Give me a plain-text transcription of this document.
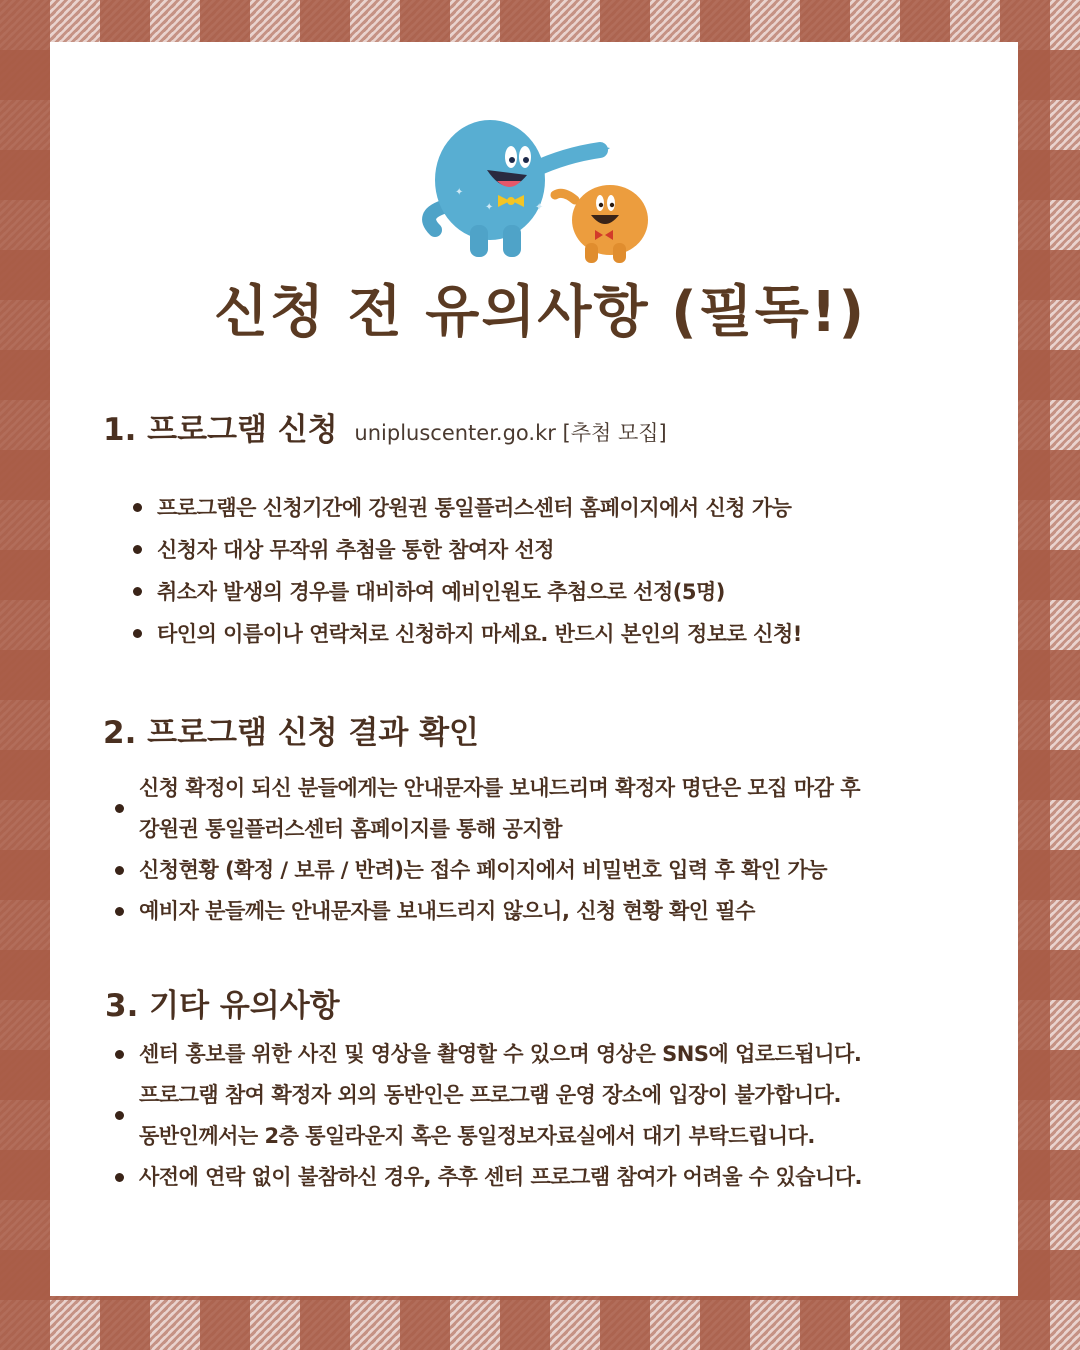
✦
✦	✦
신청 전 유의사항 (필독!)
1. 프로그램 신청 unipluscenter.go.kr [추첨 모집]
프로그램은 신청기간에 강원권 통일플러스센터 홈페이지에서 신청 가능
신청자 대상 무작위 추첨을 통한 참여자 선정
취소자 발생의 경우를 대비하여 예비인원도 추첨으로 선정(5명)
타인의 이름이나 연락처로 신청하지 마세요. 반드시 본인의 정보로 신청!
2. 프로그램 신청 결과 확인
신청 확정이 되신 분들에게는 안내문자를 보내드리며 확정자 명단은 모집 마감 후
강원권 통일플러스센터 홈페이지를 통해 공지함
신청현황 (확정 / 보류 / 반려)는 접수 페이지에서 비밀번호 입력 후 확인 가능
예비자 분들께는 안내문자를 보내드리지 않으니, 신청 현황 확인 필수
3. 기타 유의사항
센터 홍보를 위한 사진 및 영상을 촬영할 수 있으며 영상은 SNS에 업로드됩니다.
프로그램 참여 확정자 외의 동반인은 프로그램 운영 장소에 입장이 불가합니다.
동반인께서는 2층 통일라운지 혹은 통일정보자료실에서 대기 부탁드립니다.
사전에 연락 없이 불참하신 경우, 추후 센터 프로그램 참여가 어려울 수 있습니다.
